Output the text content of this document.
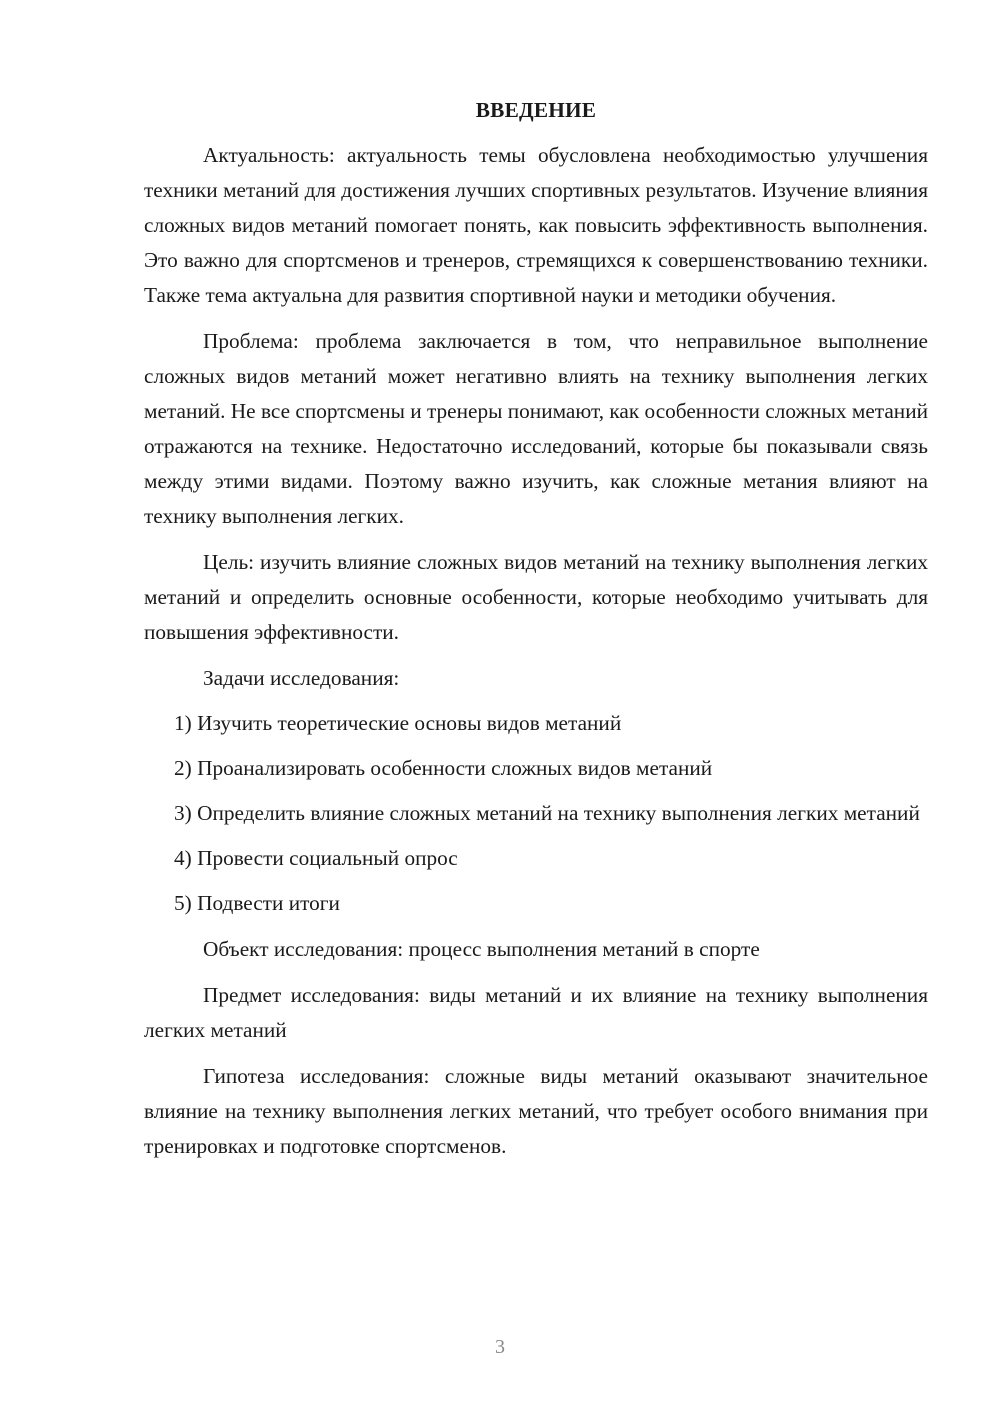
ВВЕДЕНИЕ

Актуальность: актуальность темы обусловлена необходимостью улучшения техники метаний для достижения лучших спортивных результатов. Изучение влияния сложных видов метаний помогает понять, как повысить эффективность выполнения. Это важно для спортсменов и тренеров, стремящихся к совершенствованию техники. Также тема актуальна для развития спортивной науки и методики обучения.

Проблема: проблема заключается в том, что неправильное выполнение сложных видов метаний может негативно влиять на технику выполнения легких метаний. Не все спортсмены и тренеры понимают, как особенности сложных метаний отражаются на технике. Недостаточно исследований, которые бы показывали связь между этими видами. Поэтому важно изучить, как сложные метания влияют на технику выполнения легких.

Цель: изучить влияние сложных видов метаний на технику выполнения легких метаний и определить основные особенности, которые необходимо учитывать для повышения эффективности.

Задачи исследования:

1) Изучить теоретические основы видов метаний

2) Проанализировать особенности сложных видов метаний

3) Определить влияние сложных метаний на технику выполнения легких метаний

4) Провести социальный опрос

5) Подвести итоги

Объект исследования: процесс выполнения метаний в спорте

Предмет исследования: виды метаний и их влияние на технику выполнения легких метаний

Гипотеза исследования: сложные виды метаний оказывают значительное влияние на технику выполнения легких метаний, что требует особого внимания при тренировках и подготовке спортсменов.

3
